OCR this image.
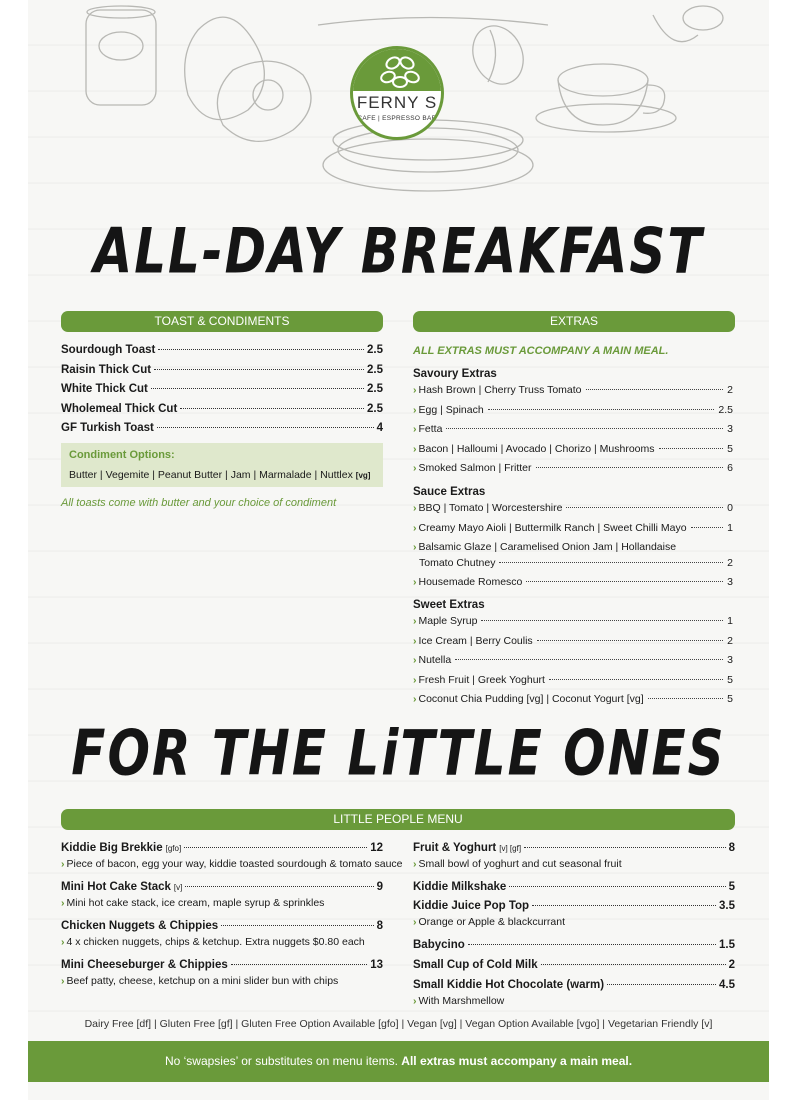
FERNY S
CAFE | ESPRESSO BAR
ALL-DAY BREAKFAST
TOAST & CONDIMENTS
Sourdough Toast	2.5
Raisin Thick Cut	2.5
White Thick Cut	2.5
Wholemeal Thick Cut	2.5
GF Turkish Toast	4
Condiment Options:
Butter | Vegemite | Peanut Butter | Jam | Marmalade | Nuttlex [vg]
All toasts come with butter and your choice of condiment
EXTRAS
ALL EXTRAS MUST ACCOMPANY A MAIN MEAL.
Savoury Extras
Sauce Extras
Sweet Extras
› Hash Brown | Cherry Truss Tomato	2
› Egg | Spinach	2.5
› Fetta	3
› Bacon | Halloumi | Avocado | Chorizo | Mushrooms	5
› Smoked Salmon | Fritter	6
› BBQ | Tomato | Worcestershire	0
› Creamy Mayo Aioli | Buttermilk Ranch | Sweet Chilli Mayo	1
› Balsamic Glaze | Caramelised Onion Jam | Hollandaise
Tomato Chutney	2
› Housemade Romesco	3
› Maple Syrup	1
› Ice Cream | Berry Coulis	2
› Nutella	3
› Fresh Fruit | Greek Yoghurt	5
› Coconut Chia Pudding [vg] | Coconut Yogurt [vg]	5
FOR THE LiTTLE ONES
LITTLE PEOPLE MENU
Kiddie Big Brekkie [gfo]	12
› Piece of bacon, egg your way, kiddie toasted sourdough & tomato sauce
Mini Hot Cake Stack [v]	9
› Mini hot cake stack, ice cream, maple syrup & sprinkles
Chicken Nuggets & Chippies	8
› 4 x chicken nuggets, chips & ketchup. Extra nuggets $0.80 each
Mini Cheeseburger & Chippies	13
› Beef patty, cheese, ketchup on a mini slider bun with chips
Fruit & Yoghurt [v] [gf]	8
› Small bowl of yoghurt and cut seasonal fruit
Kiddie Milkshake	5
Kiddie Juice Pop Top	3.5
› Orange or Apple & blackcurrant
Babycino	1.5
Small Cup of Cold Milk	2
Small Kiddie Hot Chocolate (warm)	4.5
› With Marshmellow
Dairy Free [df] | Gluten Free [gf] | Gluten Free Option Available [gfo] | Vegan [vg] | Vegan Option Available [vgo] | Vegetarian Friendly [v]
No ‘swapsies’ or substitutes on menu items. All extras must accompany a main meal.
